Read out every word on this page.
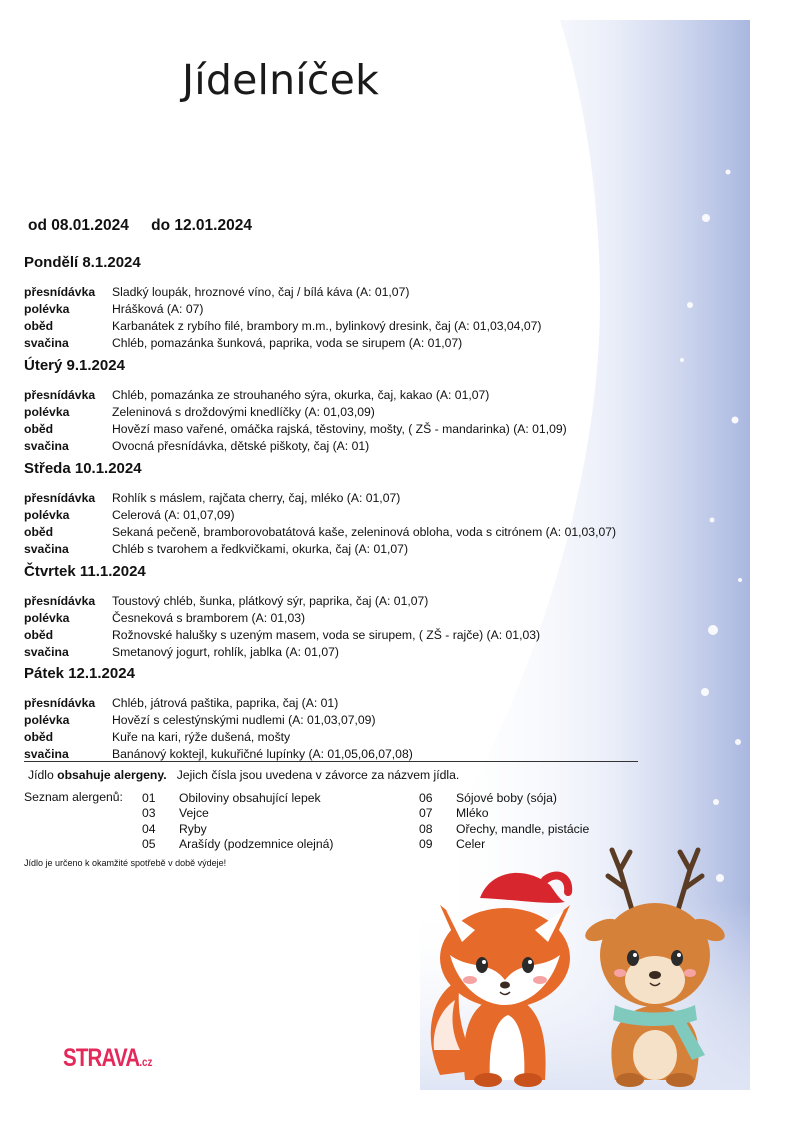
Jídelníček
od 08.01.2024 do 12.01.2024
Pondělí 8.1.2024
přesnídávka Sladký loupák, hroznové víno, čaj / bílá káva (A: 01,07)
polévka	Hrášková (A: 07)
oběd	Karbanátek z rybího filé, brambory m.m., bylinkový dresink, čaj (A: 01,03,04,07)
svačina	Chléb, pomazánka šunková, paprika, voda se sirupem (A: 01,07)
Úterý 9.1.2024
přesnídávka Chléb, pomazánka ze strouhaného sýra, okurka, čaj, kakao (A: 01,07)
polévka	Zeleninová s droždovými knedlíčky (A: 01,03,09)
oběd	Hovězí maso vařené, omáčka rajská, těstoviny, mošty, ( ZŠ - mandarinka) (A: 01,09)
svačina	Ovocná přesnídávka, dětské piškoty, čaj (A: 01)
Středa 10.1.2024
přesnídávka Rohlík s máslem, rajčata cherry, čaj, mléko (A: 01,07)
polévka	Celerová (A: 01,07,09)
oběd	Sekaná pečeně, bramborovobatátová kaše, zeleninová obloha, voda s citrónem (A: 01,03,07)
svačina	Chléb s tvarohem a ředkvičkami, okurka, čaj (A: 01,07)
Čtvrtek 11.1.2024
přesnídávka Toustový chléb, šunka, plátkový sýr, paprika, čaj (A: 01,07)
polévka	Česneková s bramborem (A: 01,03)
oběd	Rožnovské halušky s uzeným masem, voda se sirupem, ( ZŠ - rajče) (A: 01,03)
svačina	Smetanový jogurt, rohlík, jablka (A: 01,07)
Pátek 12.1.2024
přesnídávka Chléb, játrová paštika, paprika, čaj (A: 01)
polévka	Hovězí s celestýnskými nudlemi (A: 01,03,07,09)
oběd	Kuře na kari, rýže dušená, mošty
svačina	Banánový koktejl, kukuřičné lupínky (A: 01,05,06,07,08)
Jídlo obsahuje alergeny.   Jejich čísla jsou uvedena v závorce za názvem jídla.
Seznam alergenů: 01 Obiloviny obsahující lepek
03 Vejce
04 Ryby
05 Arašídy (podzemnice olejná)
06 Sójové boby (sója)
07 Mléko
08 Ořechy, mandle, pistácie
09 Celer
Jídlo je určeno k okamžité spotřebě v době výdeje!
STRAVA.cz
